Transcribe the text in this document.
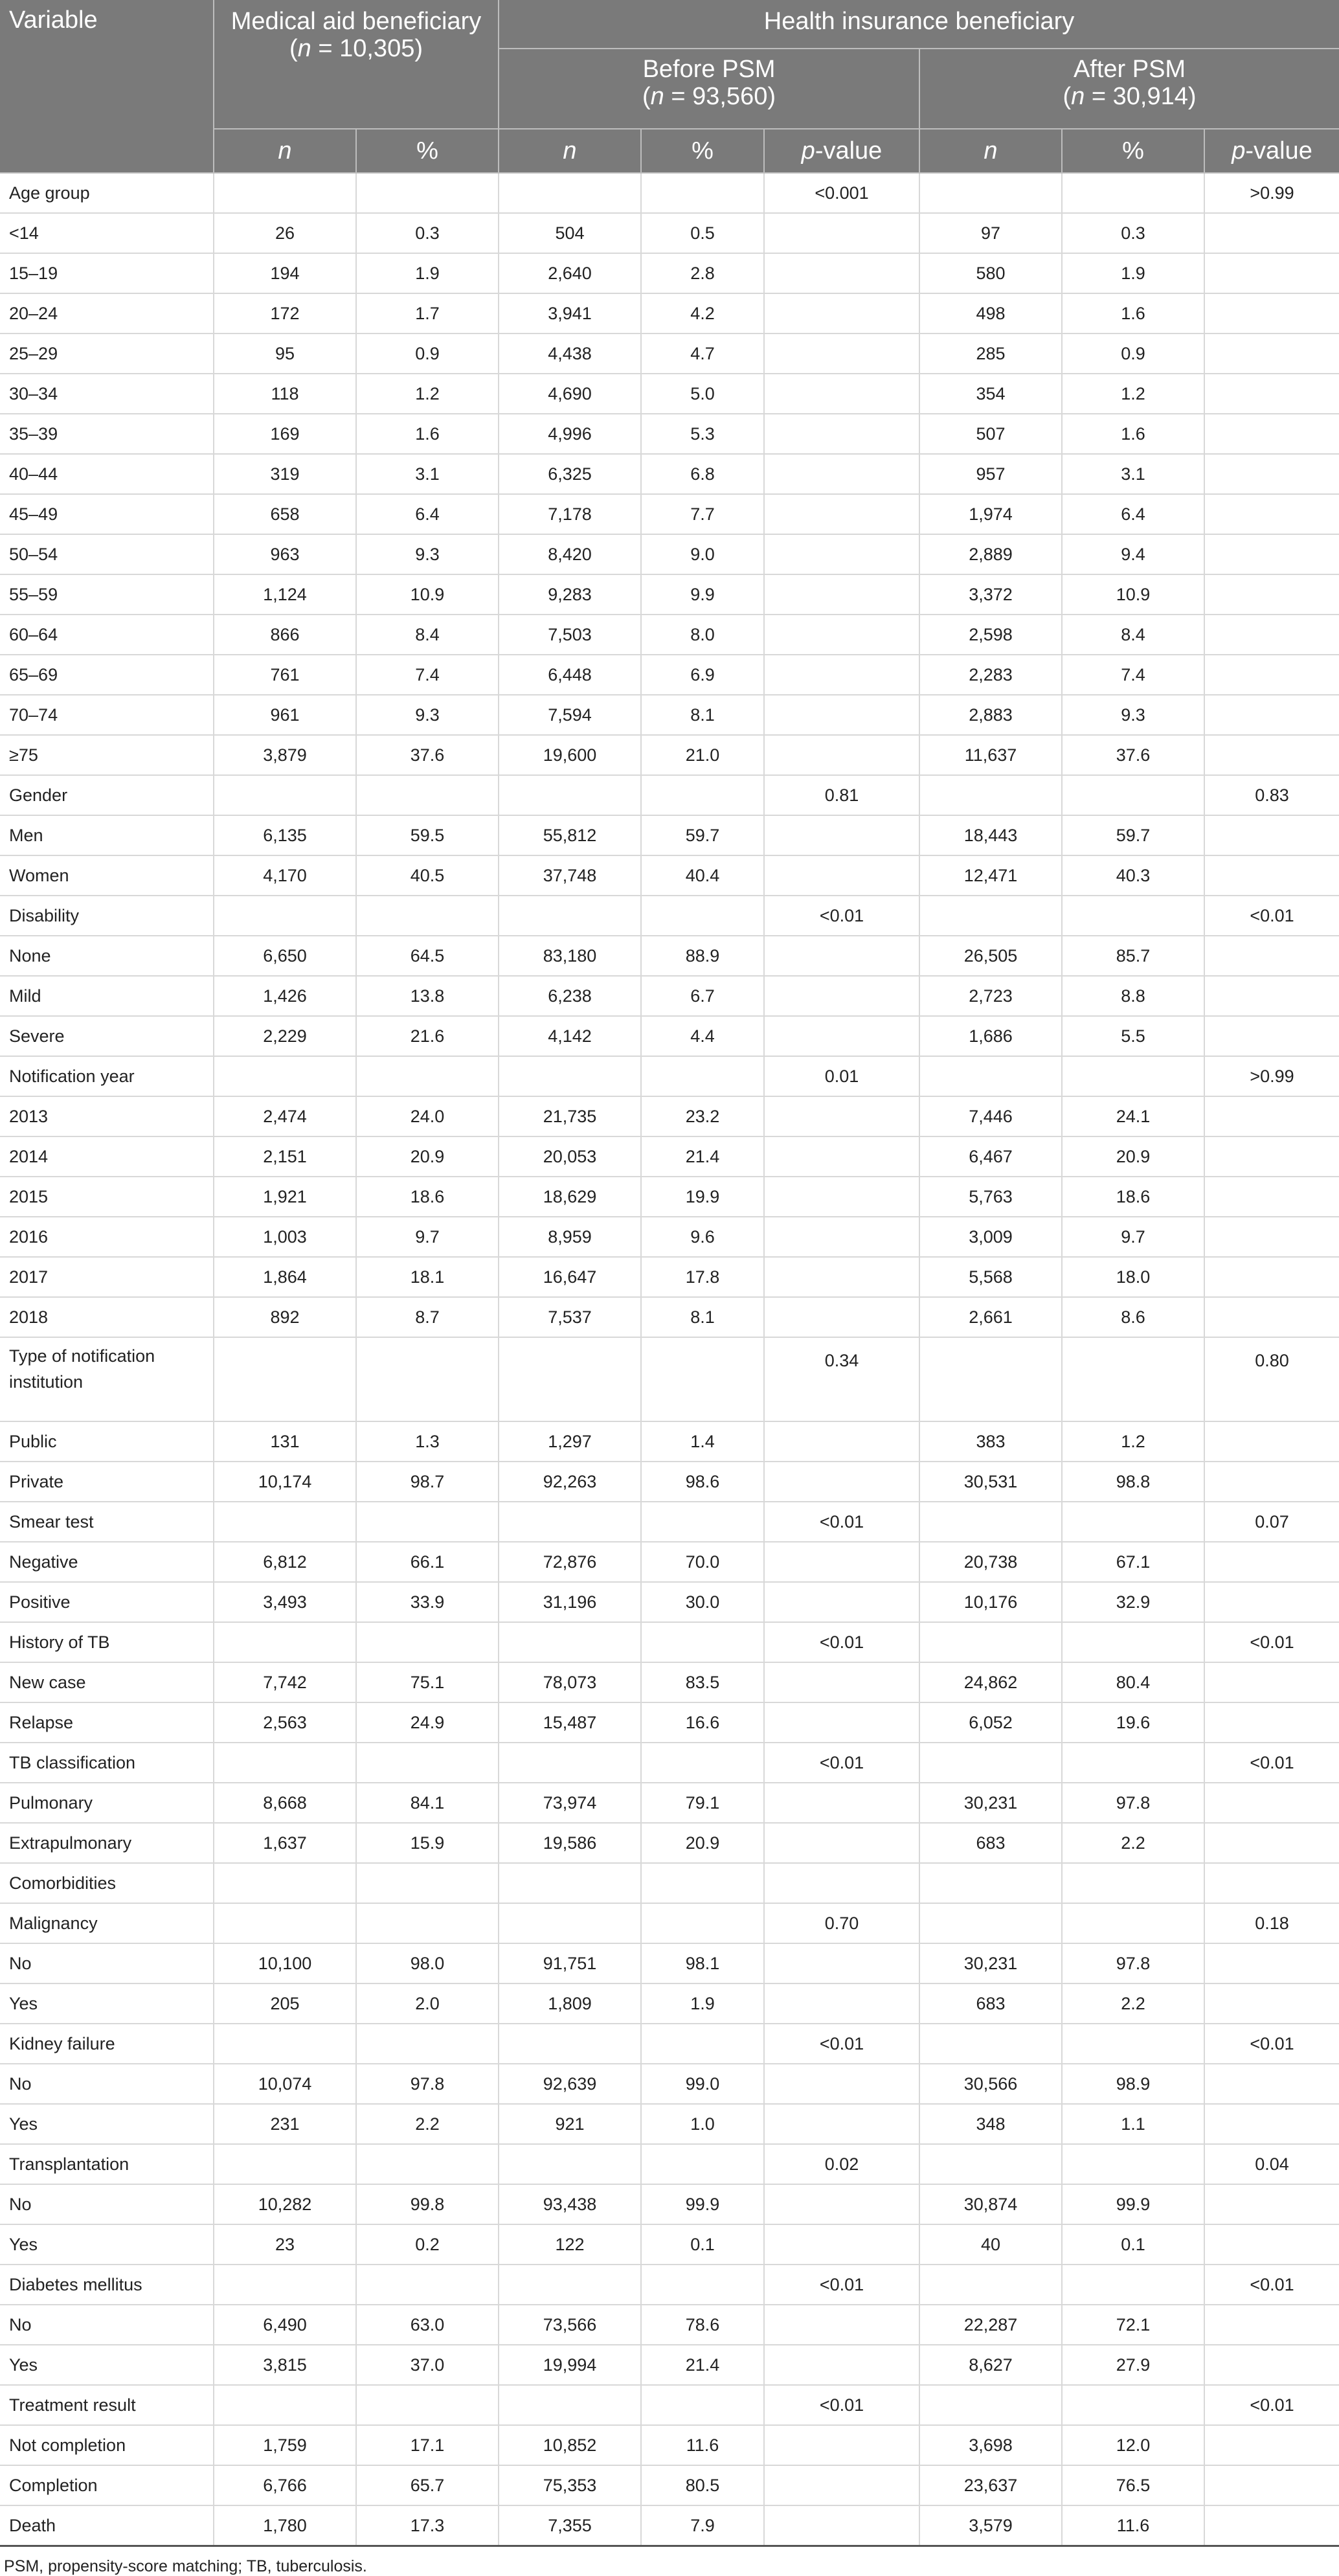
Variable	Medical aid beneficiary
(n = 10,305)		Health insurance beneficiary					

			Before PSM
(n = 93,560)			After PSM
(n = 30,914)		

	n	%	n	%	p-value	n	%	p-value
Age group					<0.001			>0.99
<14	26	0.3	504	0.5		97	0.3	
15–19	194	1.9	2,640	2.8		580	1.9	
20–24	172	1.7	3,941	4.2		498	1.6	
25–29	95	0.9	4,438	4.7		285	0.9	
30–34	118	1.2	4,690	5.0		354	1.2	
35–39	169	1.6	4,996	5.3		507	1.6	
40–44	319	3.1	6,325	6.8		957	3.1	
45–49	658	6.4	7,178	7.7		1,974	6.4	
50–54	963	9.3	8,420	9.0		2,889	9.4	
55–59	1,124	10.9	9,283	9.9		3,372	10.9	
60–64	866	8.4	7,503	8.0		2,598	8.4	
65–69	761	7.4	6,448	6.9		2,283	7.4	
70–74	961	9.3	7,594	8.1		2,883	9.3	
≥75	3,879	37.6	19,600	21.0		11,637	37.6	
Gender					0.81			0.83
Men	6,135	59.5	55,812	59.7		18,443	59.7	
Women	4,170	40.5	37,748	40.4		12,471	40.3	
Disability					<0.01			<0.01
None	6,650	64.5	83,180	88.9		26,505	85.7	
Mild	1,426	13.8	6,238	6.7		2,723	8.8	
Severe	2,229	21.6	4,142	4.4		1,686	5.5	
Notification year					0.01			>0.99
2013	2,474	24.0	21,735	23.2		7,446	24.1	
2014	2,151	20.9	20,053	21.4		6,467	20.9	
2015	1,921	18.6	18,629	19.9		5,763	18.6	
2016	1,003	9.7	8,959	9.6		3,009	9.7	
2017	1,864	18.1	16,647	17.8		5,568	18.0	
2018	892	8.7	7,537	8.1		2,661	8.6	
Type of notification institution					0.34			0.80
Public	131	1.3	1,297	1.4		383	1.2	
Private	10,174	98.7	92,263	98.6		30,531	98.8	
Smear test					<0.01			0.07
Negative	6,812	66.1	72,876	70.0		20,738	67.1	
Positive	3,493	33.9	31,196	30.0		10,176	32.9	
History of TB					<0.01			<0.01
New case	7,742	75.1	78,073	83.5		24,862	80.4	
Relapse	2,563	24.9	15,487	16.6		6,052	19.6	
TB classification					<0.01			<0.01
Pulmonary	8,668	84.1	73,974	79.1		30,231	97.8	
Extrapulmonary	1,637	15.9	19,586	20.9		683	2.2	
Comorbidities								
Malignancy					0.70			0.18
No	10,100	98.0	91,751	98.1		30,231	97.8	
Yes	205	2.0	1,809	1.9		683	2.2	
Kidney failure					<0.01			<0.01
No	10,074	97.8	92,639	99.0		30,566	98.9	
Yes	231	2.2	921	1.0		348	1.1	
Transplantation					0.02			0.04
No	10,282	99.8	93,438	99.9		30,874	99.9	
Yes	23	0.2	122	0.1		40	0.1	
Diabetes mellitus					<0.01			<0.01
No	6,490	63.0	73,566	78.6		22,287	72.1	
Yes	3,815	37.0	19,994	21.4		8,627	27.9	
Treatment result					<0.01			<0.01
Not completion	1,759	17.1	10,852	11.6		3,698	12.0	
Completion	6,766	65.7	75,353	80.5		23,637	76.5	
Death	1,780	17.3	7,355	7.9		3,579	11.6	
PSM, propensity-score matching; TB, tuberculosis.
